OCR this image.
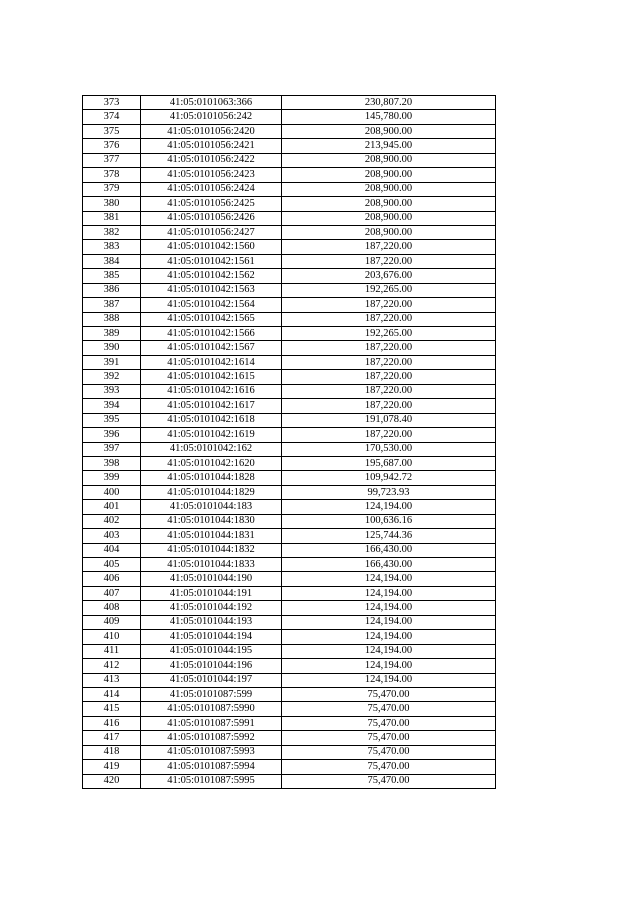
373	41:05:0101063:366	230,807.20
374	41:05:0101056:242	145,780.00
375	41:05:0101056:2420	208,900.00
376	41:05:0101056:2421	213,945.00
377	41:05:0101056:2422	208,900.00
378	41:05:0101056:2423	208,900.00
379	41:05:0101056:2424	208,900.00
380	41:05:0101056:2425	208,900.00
381	41:05:0101056:2426	208,900.00
382	41:05:0101056:2427	208,900.00
383	41:05:0101042:1560	187,220.00
384	41:05:0101042:1561	187,220.00
385	41:05:0101042:1562	203,676.00
386	41:05:0101042:1563	192,265.00
387	41:05:0101042:1564	187,220.00
388	41:05:0101042:1565	187,220.00
389	41:05:0101042:1566	192,265.00
390	41:05:0101042:1567	187,220.00
391	41:05:0101042:1614	187,220.00
392	41:05:0101042:1615	187,220.00
393	41:05:0101042:1616	187,220.00
394	41:05:0101042:1617	187,220.00
395	41:05:0101042:1618	191,078.40
396	41:05:0101042:1619	187,220.00
397	41:05:0101042:162	170,530.00
398	41:05:0101042:1620	195,687.00
399	41:05:0101044:1828	109,942.72
400	41:05:0101044:1829	99,723.93
401	41:05:0101044:183	124,194.00
402	41:05:0101044:1830	100,636.16
403	41:05:0101044:1831	125,744.36
404	41:05:0101044:1832	166,430.00
405	41:05:0101044:1833	166,430.00
406	41:05:0101044:190	124,194.00
407	41:05:0101044:191	124,194.00
408	41:05:0101044:192	124,194.00
409	41:05:0101044:193	124,194.00
410	41:05:0101044:194	124,194.00
411	41:05:0101044:195	124,194.00
412	41:05:0101044:196	124,194.00
413	41:05:0101044:197	124,194.00
414	41:05:0101087:599	75,470.00
415	41:05:0101087:5990	75,470.00
416	41:05:0101087:5991	75,470.00
417	41:05:0101087:5992	75,470.00
418	41:05:0101087:5993	75,470.00
419	41:05:0101087:5994	75,470.00
420	41:05:0101087:5995	75,470.00
